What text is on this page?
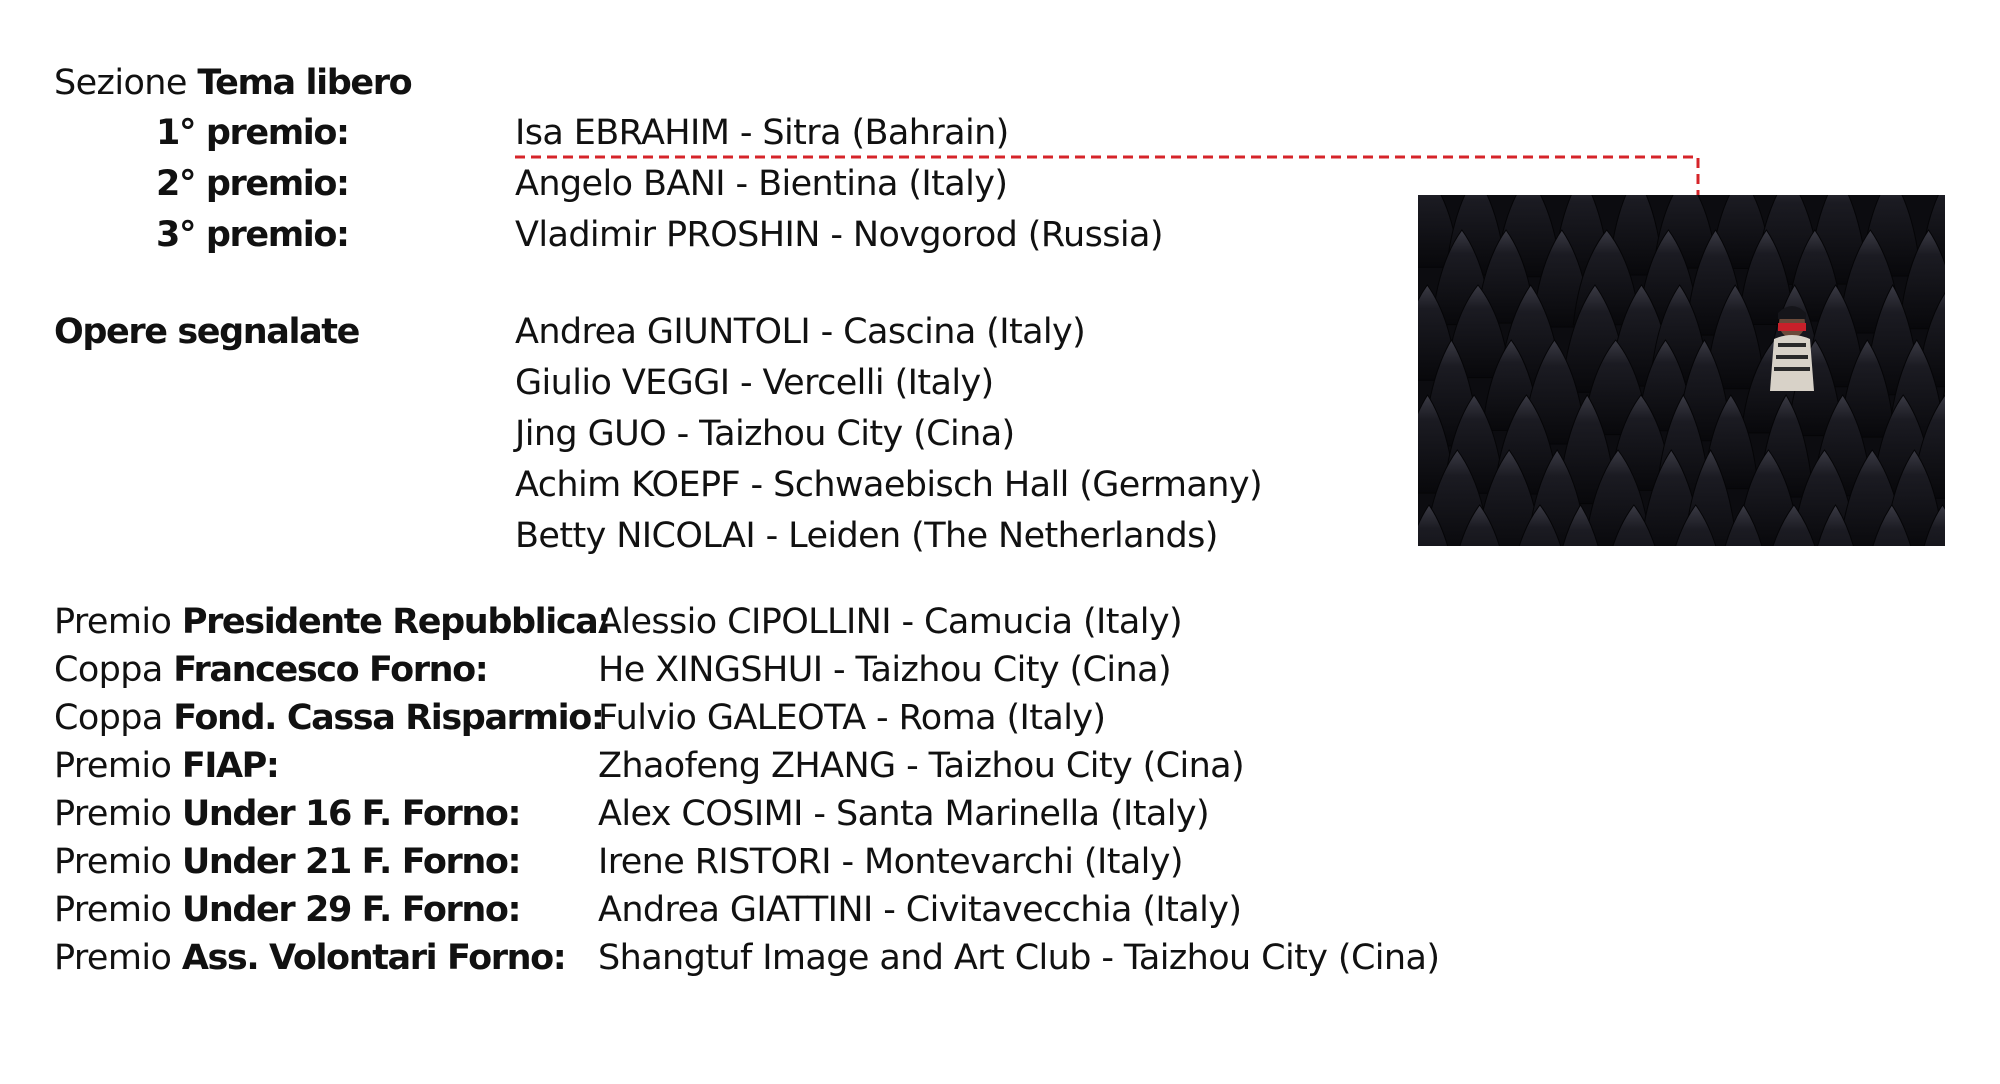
Sezione Tema libero
1° premio:	Isa EBRAHIM - Sitra (Bahrain)
2° premio:	Angelo BANI - Bientina (Italy)
3° premio:	Vladimir PROSHIN - Novgorod (Russia)
Opere segnalate	Andrea GIUNTOLI - Cascina (Italy)
Giulio VEGGI - Vercelli (Italy)
Jing GUO - Taizhou City (Cina)
Achim KOEPF - Schwaebisch Hall (Germany)
Betty NICOLAI - Leiden (The Netherlands)
Premio Presidente Repubblica:
Alessio CIPOLLINI - Camucia (Italy)
Coppa Francesco Forno:	He XINGSHUI - Taizhou City (Cina)
Coppa Fond. Cassa Risparmio:
Fulvio GALEOTA - Roma (Italy)
Premio FIAP:	Zhaofeng ZHANG - Taizhou City (Cina)
Premio Under 16 F. Forno: Alex COSIMI - Santa Marinella (Italy)
Premio Under 21 F. Forno: Irene RISTORI - Montevarchi (Italy)
Premio Under 29 F. Forno: Andrea GIATTINI - Civitavecchia (Italy)
Premio Ass. Volontari Forno: Shangtuf Image and Art Club - Taizhou City (Cina)
